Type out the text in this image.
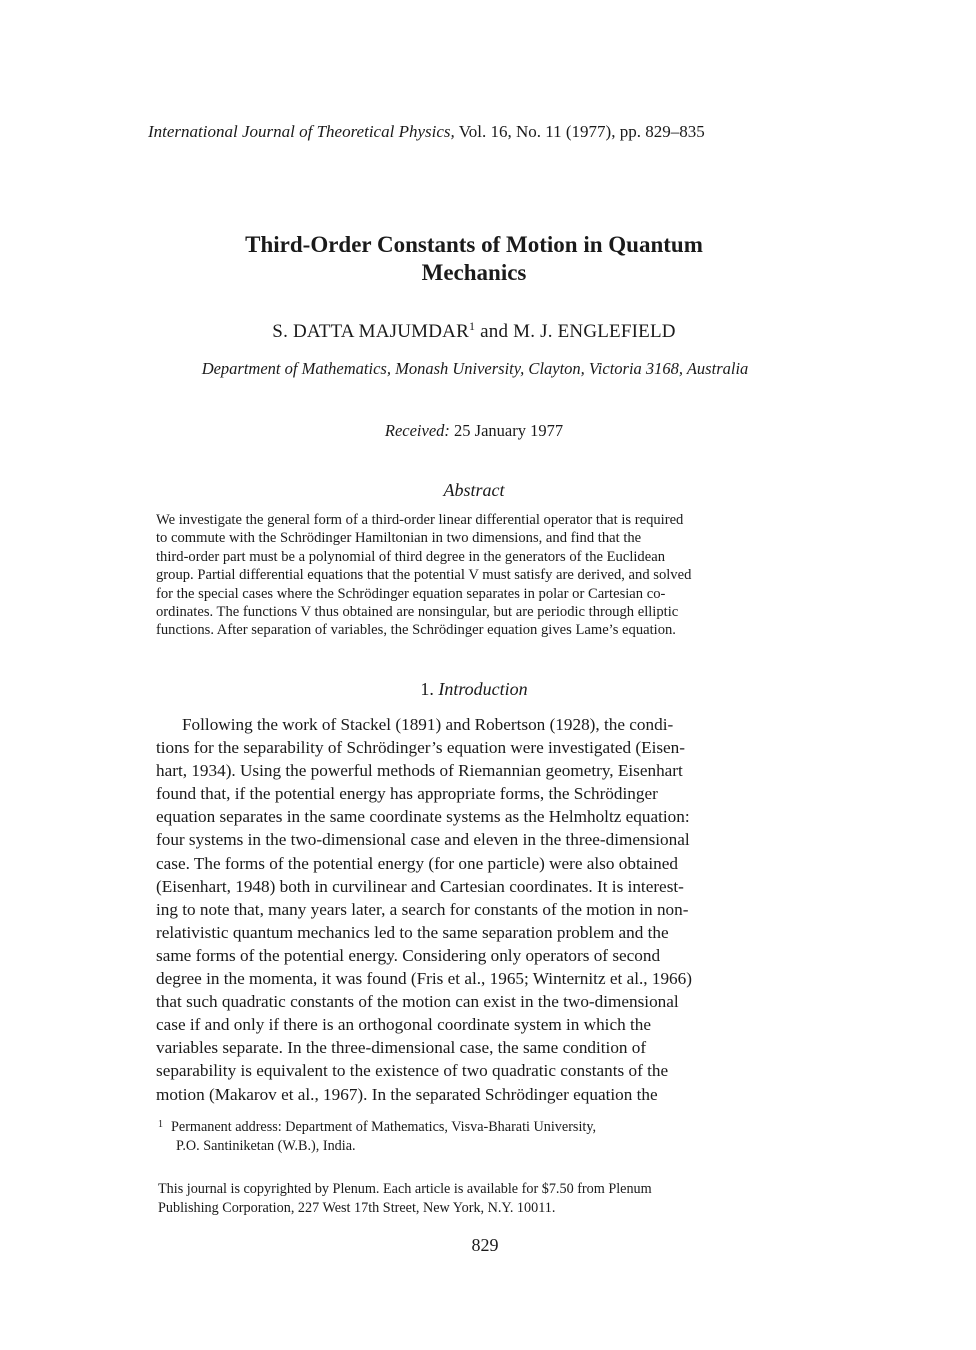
International Journal of Theoretical Physics, Vol. 16, No. 11 (1977), pp. 829–835
Third-Order Constants of Motion in Quantum
Mechanics
S. DATTA MAJUMDAR$^1$ and M. J. ENGLEFIELD
Department of Mathematics, Monash University, Clayton, Victoria 3168, Australia
Received: 25 January 1977
Abstract
We investigate the general form of a third-order linear differential operator that is required
to commute with the Schrödinger Hamiltonian in two dimensions, and find that the
third-order part must be a polynomial of third degree in the generators of the Euclidean
group. Partial differential equations that the potential V must satisfy are derived, and solved
for the special cases where the Schrödinger equation separates in polar or Cartesian co-
ordinates. The functions V thus obtained are nonsingular, but are periodic through elliptic
functions. After separation of variables, the Schrödinger equation gives Lame’s equation.
1. Introduction
Following the work of Stackel (1891) and Robertson (1928), the condi-
tions for the separability of Schrödinger’s equation were investigated (Eisen-
hart, 1934). Using the powerful methods of Riemannian geometry, Eisenhart
found that, if the potential energy has appropriate forms, the Schrödinger
equation separates in the same coordinate systems as the Helmholtz equation:
four systems in the two-dimensional case and eleven in the three-dimensional
case. The forms of the potential energy (for one particle) were also obtained
(Eisenhart, 1948) both in curvilinear and Cartesian coordinates. It is interest-
ing to note that, many years later, a search for constants of the motion in non-
relativistic quantum mechanics led to the same separation problem and the
same forms of the potential energy. Considering only operators of second
degree in the momenta, it was found (Fris et al., 1965; Winternitz et al., 1966)
that such quadratic constants of the motion can exist in the two-dimensional
case if and only if there is an orthogonal coordinate system in which the
variables separate. In the three-dimensional case, the same condition of
separability is equivalent to the existence of two quadratic constants of the
motion (Makarov et al., 1967). In the separated Schrödinger equation the
$^1$ Permanent address: Department of Mathematics, Visva-Bharati University,
P.O. Santiniketan (W.B.), India.
This journal is copyrighted by Plenum. Each article is available for $7.50 from Plenum
Publishing Corporation, 227 West 17th Street, New York, N.Y. 10011.
829
